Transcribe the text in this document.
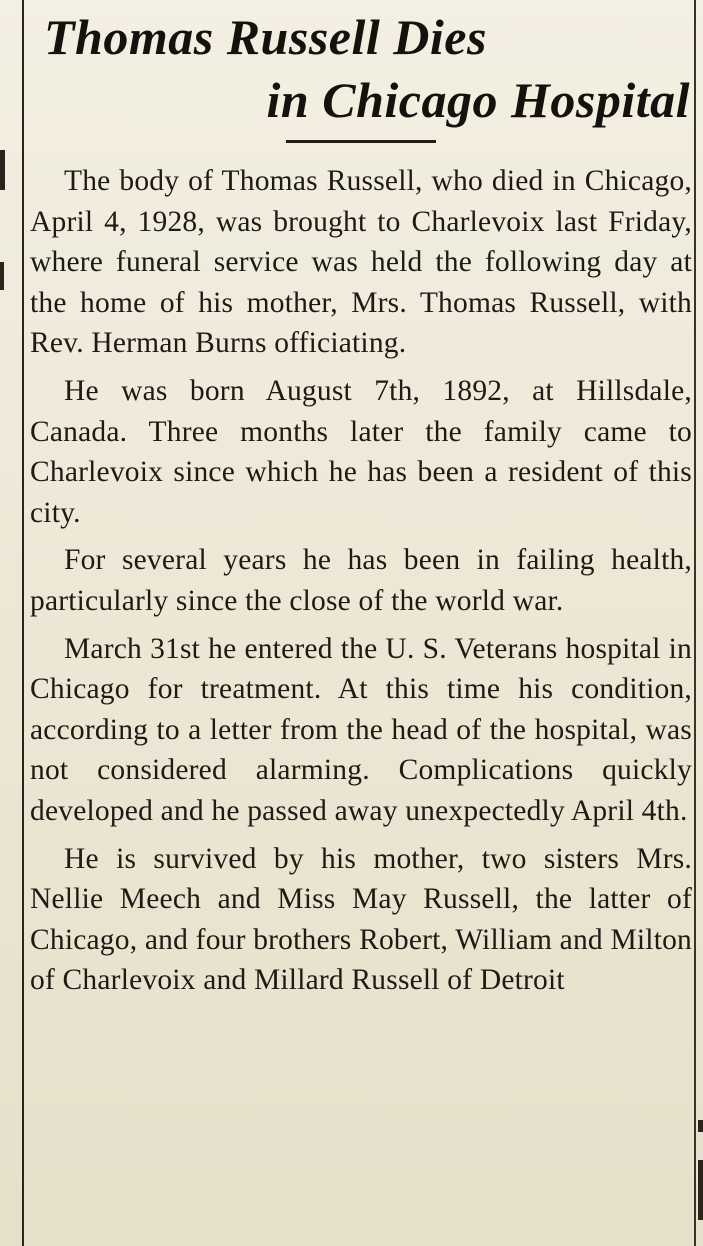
Thomas Russell Dies
in Chicago Hospital

The body of Thomas Russell, who died in Chicago, April 4, 1928, was brought to Charlevoix last Friday, where funeral service was held the following day at the home of his mother, Mrs. Thomas Russell, with Rev. Herman Burns officiating.

He was born August 7th, 1892, at Hillsdale, Canada. Three months later the family came to Charlevoix since which he has been a resident of this city.

For several years he has been in failing health, particularly since the close of the world war.

March 31st he entered the U. S. Veterans hospital in Chicago for treatment. At this time his condition, according to a letter from the head of the hospital, was not considered alarming. Complications quickly developed and he passed away unexpectedly April 4th.

He is survived by his mother, two sisters Mrs. Nellie Meech and Miss May Russell, the latter of Chicago, and four brothers Robert, William and Milton of Charlevoix and Millard Russell of Detroit
